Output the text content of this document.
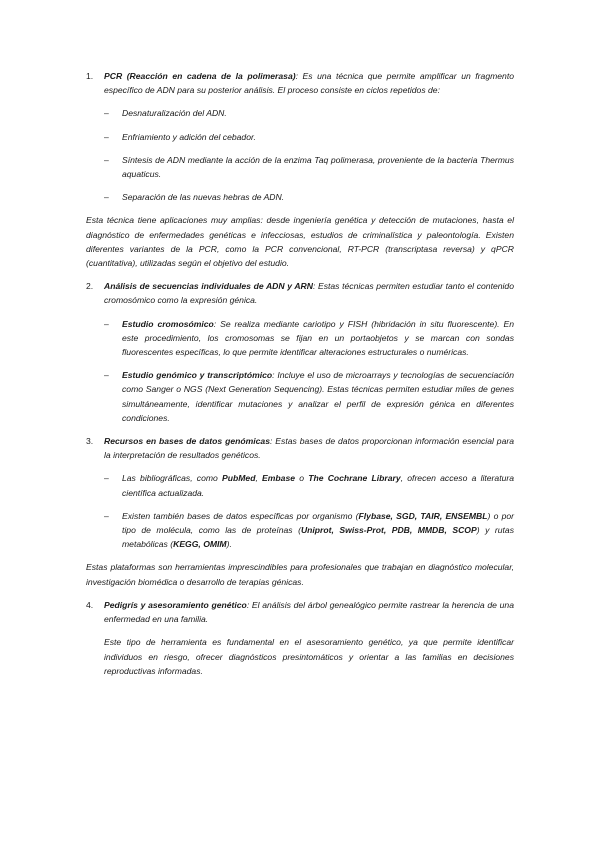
1. PCR (Reacción en cadena de la polimerasa): Es una técnica que permite amplificar un fragmento específico de ADN para su posterior análisis. El proceso consiste en ciclos repetidos de:

– Desnaturalización del ADN.

– Enfriamiento y adición del cebador.

– Síntesis de ADN mediante la acción de la enzima Taq polimerasa, proveniente de la bacteria Thermus aquaticus.

– Separación de las nuevas hebras de ADN.

Esta técnica tiene aplicaciones muy amplias: desde ingeniería genética y detección de mutaciones, hasta el diagnóstico de enfermedades genéticas e infecciosas, estudios de criminalística y paleontología. Existen diferentes variantes de la PCR, como la PCR convencional, RT-PCR (transcriptasa reversa) y qPCR (cuantitativa), utilizadas según el objetivo del estudio.

2. Análisis de secuencias individuales de ADN y ARN: Estas técnicas permiten estudiar tanto el contenido cromosómico como la expresión génica.

– Estudio cromosómico: Se realiza mediante cariotipo y FISH (hibridación in situ fluorescente). En este procedimiento, los cromosomas se fijan en un portaobjetos y se marcan con sondas fluorescentes específicas, lo que permite identificar alteraciones estructurales o numéricas.

– Estudio genómico y transcriptómico: Incluye el uso de microarrays y tecnologías de secuenciación como Sanger o NGS (Next Generation Sequencing). Estas técnicas permiten estudiar miles de genes simultáneamente, identificar mutaciones y analizar el perfil de expresión génica en diferentes condiciones.

3. Recursos en bases de datos genómicas: Estas bases de datos proporcionan información esencial para la interpretación de resultados genéticos.

– Las bibliográficas, como PubMed, Embase o The Cochrane Library, ofrecen acceso a literatura científica actualizada.

– Existen también bases de datos específicas por organismo (Flybase, SGD, TAIR, ENSEMBL) o por tipo de molécula, como las de proteínas (Uniprot, Swiss-Prot, PDB, MMDB, SCOP) y rutas metabólicas (KEGG, OMIM).

Estas plataformas son herramientas imprescindibles para profesionales que trabajan en diagnóstico molecular, investigación biomédica o desarrollo de terapias génicas.

4. Pedigrís y asesoramiento genético: El análisis del árbol genealógico permite rastrear la herencia de una enfermedad en una familia.

Este tipo de herramienta es fundamental en el asesoramiento genético, ya que permite identificar individuos en riesgo, ofrecer diagnósticos presintomáticos y orientar a las familias en decisiones reproductivas informadas.
